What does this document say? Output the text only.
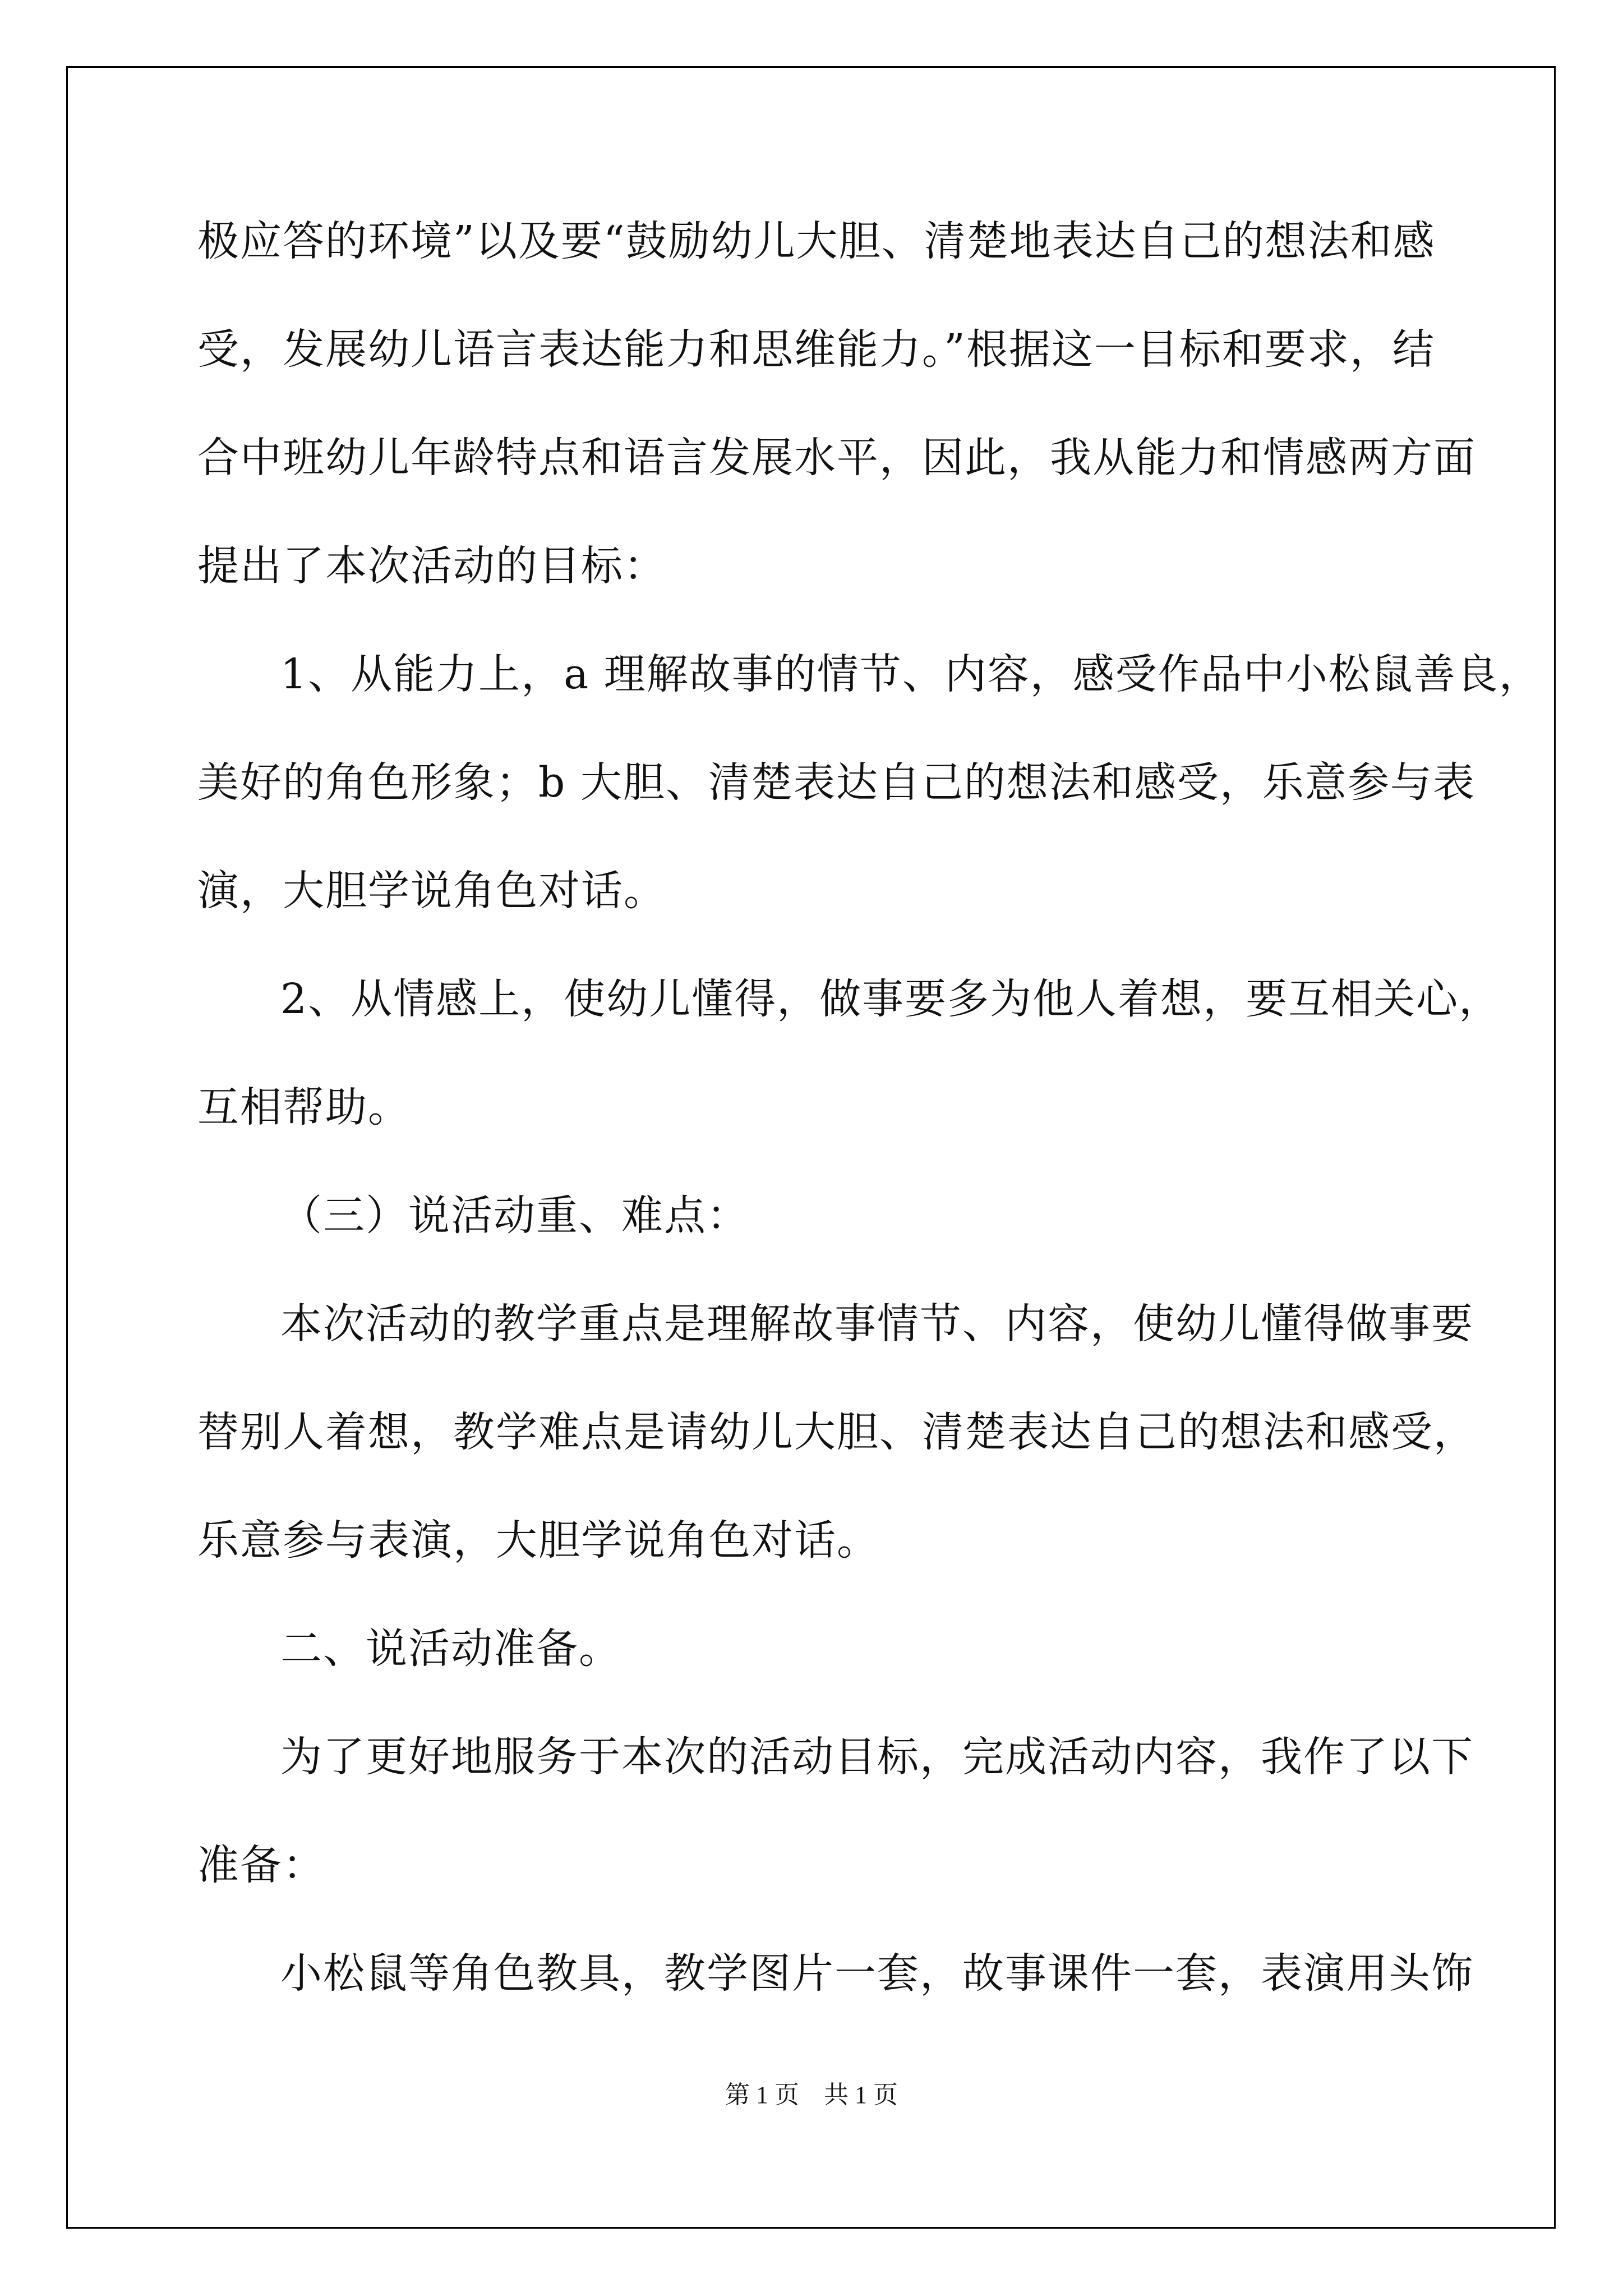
极应答的环境”以及要“鼓励幼儿大胆、清楚地表达自己的想法和感
受，发展幼儿语言表达能力和思维能力。”根据这一目标和要求，结
合中班幼儿年龄特点和语言发展水平，因此，我从能力和情感两方面
提出了本次活动的目标：
1、从能力上，a 理解故事的情节、内容，感受作品中小松鼠善良，
美好的角色形象；b 大胆、清楚表达自己的想法和感受，乐意参与表
演，大胆学说角色对话。
2、从情感上，使幼儿懂得，做事要多为他人着想，要互相关心，
互相帮助。
（三）说活动重、难点：
本次活动的教学重点是理解故事情节、内容，使幼儿懂得做事要
替别人着想，教学难点是请幼儿大胆、清楚表达自己的想法和感受，
乐意参与表演，大胆学说角色对话。
二、说活动准备。
为了更好地服务于本次的活动目标，完成活动内容，我作了以下
准备：
小松鼠等角色教具，教学图片一套，故事课件一套，表演用头饰
第 1 页　共 1 页
